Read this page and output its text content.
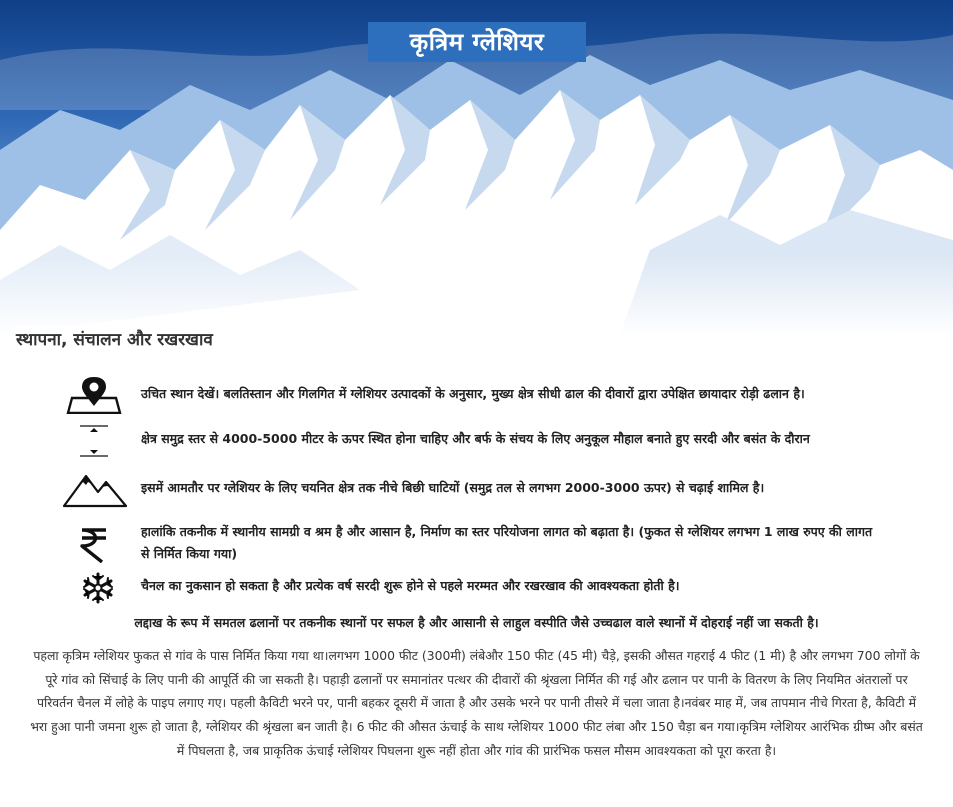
कृत्रिम ग्लेशियर
स्थापना, संचालन और रखरखाव
उचित स्थान देखें। बलतिस्तान और गिलगित में ग्लेशियर उत्पादकों के अनुसार, मुख्य क्षेत्र सीधी ढाल की दीवारों द्वारा उपेक्षित छायादार रोड़ी ढलान है।
क्षेत्र समुद्र स्तर से 4000-5000 मीटर के ऊपर स्थित होना चाहिए और बर्फ के संचय के लिए अनुकूल मौहाल बनाते हुए सरदी और बसंत के दौरान
इसमें आमतौर पर ग्लेशियर के लिए चयनित क्षेत्र तक नीचे बिछी घाटियों (समुद्र तल से लगभग 2000-3000 ऊपर) से चढ़ाई शामिल है।
हालांकि तकनीक में स्थानीय सामग्री व श्रम है और आसान है, निर्माण का स्तर परियोजना लागत को बढ़ाता है। (फुकत से ग्लेशियर लगभग 1 लाख रुपए की लागत से निर्मित किया गया)
चैनल का नुकसान हो सकता है और प्रत्येक वर्ष सरदी शुरू होने से पहले मरम्मत और रखरखाव की आवश्यकता होती है।
लद्दाख के रूप में समतल ढलानों पर तकनीक स्थानों पर सफल है और आसानी से लाहुल वस्पीति जैसे उच्चढाल वाले स्थानों में दोहराई नहीं जा सकती है।
पहला कृत्रिम ग्लेशियर फुकत से गांव के पास निर्मित किया गया था।लगभग 1000 फीट (300मी) लंबेऔर 150 फीट (45 मी) चैड़े, इसकी औसत गहराई 4 फीट (1 मी) है और लगभग 700 लोगों के पूरे गांव को सिंचाई के लिए पानी की आपूर्ति की जा सकती है। पहाड़ी ढलानों पर समानांतर पत्थर की दीवारों की श्रृंखला निर्मित की गई और ढलान पर पानी के वितरण के लिए नियमित अंतरालों पर परिवर्तन चैनल में लोहे के पाइप लगाए गए। पहली कैविटी भरने पर, पानी बहकर दूसरी में जाता है और उसके भरने पर पानी तीसरे में चला जाता है।नवंबर माह में, जब तापमान नीचे गिरता है, कैविटी में भरा हुआ पानी जमना शुरू हो जाता है, ग्लेशियर की श्रृंखला बन जाती है। 6 फीट की औसत ऊंचाई के साथ ग्लेशियर 1000 फीट लंबा और 150 चैड़ा बन गया।कृत्रिम ग्लेशियर आरंभिक ग्रीष्म और बसंत में पिघलता है, जब प्राकृतिक ऊंचाई ग्लेशियर पिघलना शुरू नहीं होता और गांव की प्रारंभिक फसल मौसम आवश्यकता को पूरा करता है।
